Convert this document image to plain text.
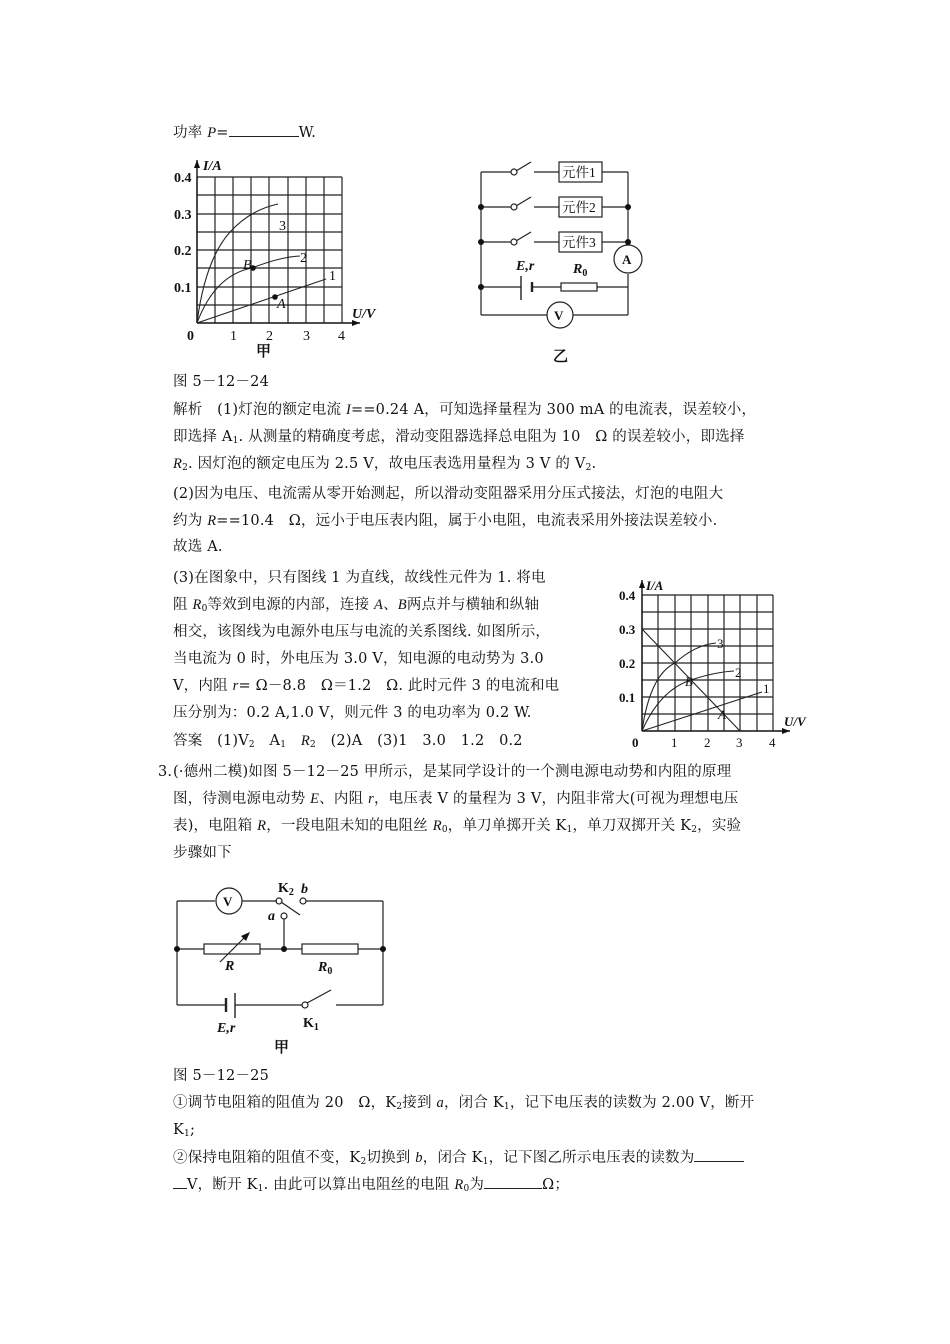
功率 P=	W.
I/A
U/V
0.4
0.3
0.2
0.1
0	1 2 3 4
1
2
3
A
B
甲
元件1
元件2
元件3
A
V
E,r	$R_0$
乙
图 5－12－24
解析　(1)灯泡的额定电流 I==0.24 A，可知选择量程为 300 mA 的电流表，误差较小，
即选择 $A_1$. 从测量的精确度考虑，滑动变阻器选择总电阻为 10　Ω 的误差较小，即选择
$R_2$. 因灯泡的额定电压为 2.5 V，故电压表选用量程为 3 V 的 $V_2$.
(2)因为电压、电流需从零开始测起，所以滑动变阻器采用分压式接法，灯泡的电阻大
约为 R==10.4　Ω，远小于电压表内阻，属于小电阻，电流表采用外接法误差较小.
故选 A.
(3)在图象中，只有图线 1 为直线，故线性元件为 1. 将电
阻 $R_0$等效到电源的内部，连接 A、B两点并与横轴和纵轴
相交，该图线为电源外电压与电流的关系图线. 如图所示，
当电流为 0 时，外电压为 3.0 V，知电源的电动势为 3.0
V，内阻 r= Ω－8.8　Ω＝1.2　Ω. 此时元件 3 的电流和电
压分别为：0.2 A,1.0 V，则元件 3 的电功率为 0.2 W.
答案　$(1)V_2$　$A_1$　 $R_2$　(2)A　(3)1　3.0　1.2　0.2
I/A
U/V
0.4
0.3
0.2
0.1
0	1 2 3 4
1
2
3
A
B
3. (·德州二模)如图 5－12－25 甲所示，是某同学设计的一个测电源电动势和内阻的原理
图，待测电源电动势 E、内阻 r，电压表 V 的量程为 3 V，内阻非常大(可视为理想电压
表)，电阻箱 R，一段电阻未知的电阻丝 $R_0$，单刀单掷开关 $K_1$，单刀双掷开关 $K_2$，实验
步骤如下
V
$K_2$ b
a
R	$R_0$
E,r	$K_1$
甲
图 5－12－25
①调节电阻箱的阻值为 20　Ω，$K_2$接到 a，闭合 $K_1$，记下电压表的读数为 2.00 V，断开
$K_1$;
②保持电阻箱的阻值不变，$K_2$切换到 b，闭合 $K_1$，记下图乙所示电压表的读数为
V，断开 $K_1$. 由此可以算出电阻丝的电阻 $R_0$为	Ω；
